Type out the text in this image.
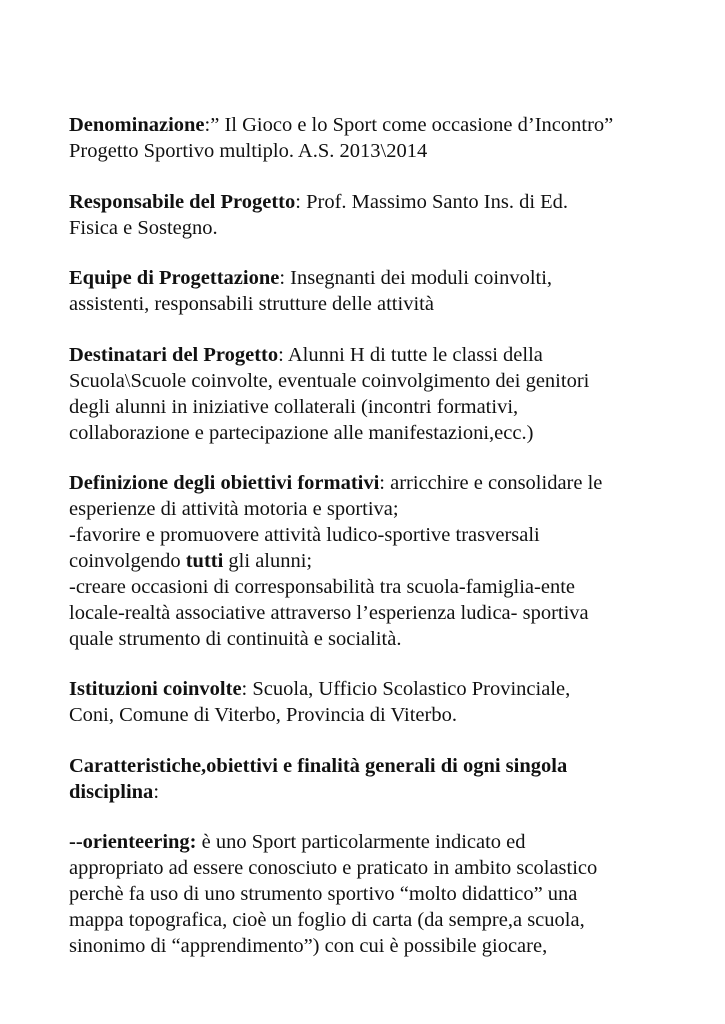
Denominazione:” Il Gioco e lo Sport come occasione d’Incontro”

Progetto Sportivo multiplo. A.S. 2013\2014

Responsabile del Progetto: Prof. Massimo Santo Ins. di Ed.

Fisica e Sostegno.

Equipe di Progettazione: Insegnanti dei moduli coinvolti,

assistenti, responsabili strutture delle attività

Destinatari del Progetto: Alunni H di tutte le classi della

Scuola\Scuole coinvolte, eventuale coinvolgimento dei genitori

degli alunni in iniziative collaterali (incontri formativi,

collaborazione e partecipazione alle manifestazioni,ecc.)

Definizione degli obiettivi formativi: arricchire e consolidare le

esperienze di attività motoria e sportiva;

-favorire e promuovere attività ludico-sportive trasversali

coinvolgendo tutti gli alunni;

-creare occasioni di corresponsabilità tra scuola-famiglia-ente

locale-realtà associative attraverso l’esperienza ludica- sportiva

quale strumento di continuità e socialità.

Istituzioni coinvolte: Scuola, Ufficio Scolastico Provinciale,

Coni, Comune di Viterbo, Provincia di Viterbo.

Caratteristiche,obiettivi e finalità generali di ogni singola

disciplina:

--orienteering: è uno Sport particolarmente indicato ed

appropriato ad essere conosciuto e praticato in ambito scolastico

perchè fa uso di uno strumento sportivo “molto didattico” una

mappa topografica, cioè un foglio di carta (da sempre,a scuola,

sinonimo di “apprendimento”) con cui è possibile giocare,
